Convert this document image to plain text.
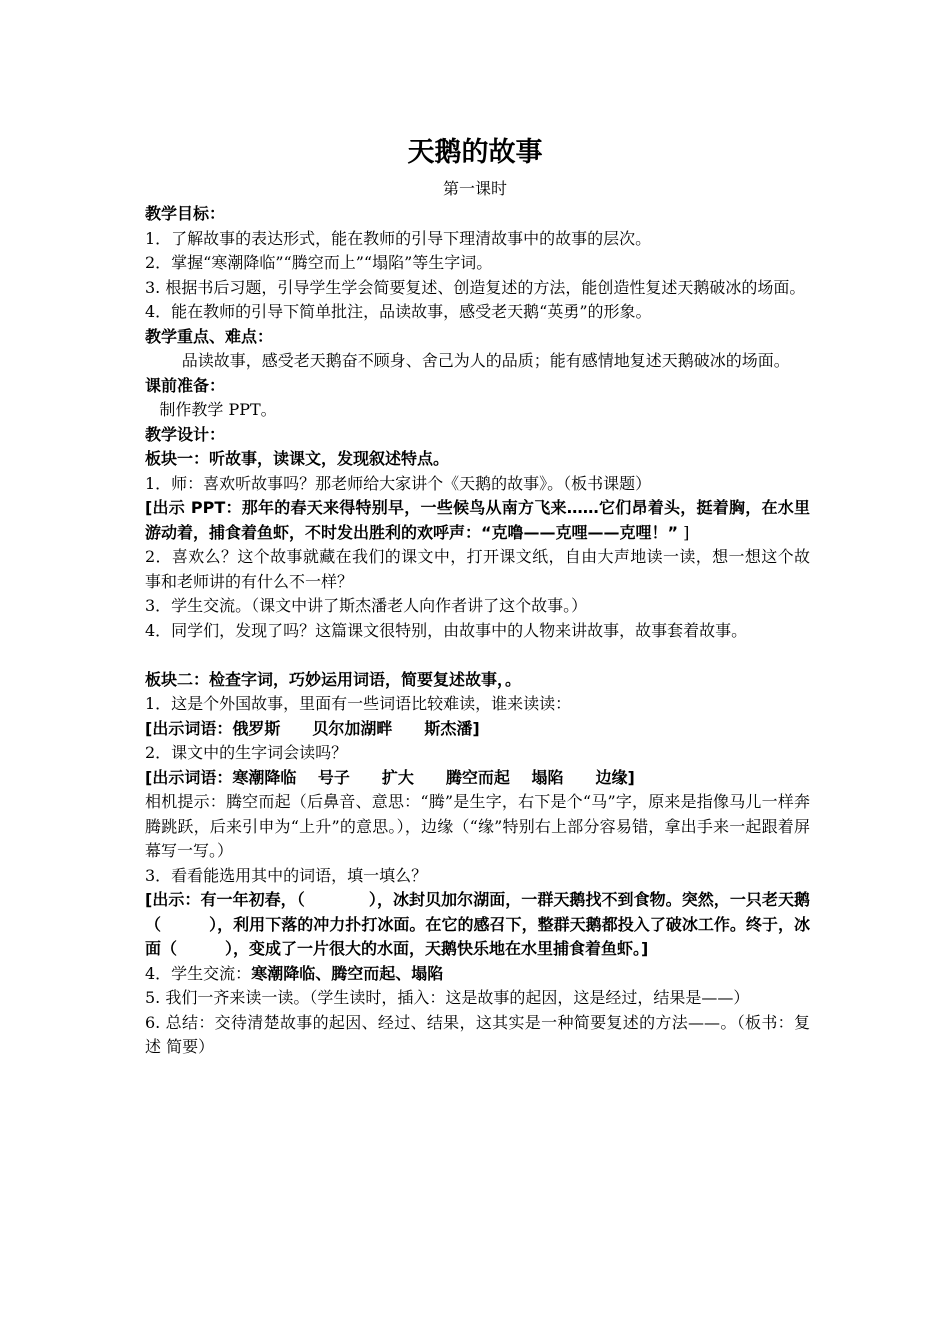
天鹅的故事
第一课时

教学目标：

1．了解故事的表达形式，能在教师的引导下理清故事中的故事的层次。

2．掌握“寒潮降临”“腾空而上”“塌陷”等生字词。

3. 根据书后习题，引导学生学会简要复述、创造复述的方法，能创造性复述天鹅破冰的场面。

4．能在教师的引导下简单批注，品读故事，感受老天鹅“英勇”的形象。

教学重点、难点：

品读故事，感受老天鹅奋不顾身、舍己为人的品质；能有感情地复述天鹅破冰的场面。

课前准备：

制作教学 PPT。

教学设计：

板块一：听故事，读课文，发现叙述特点。

1．师：喜欢听故事吗？那老师给大家讲个《天鹅的故事》。（板书课题）

[出示 PPT：那年的春天来得特别早，一些候鸟从南方飞来……它们昂着头，挺着胸，在水里游动着，捕食着鱼虾，不时发出胜利的欢呼声：“克噜——克哩——克哩！” ]

2．喜欢么？这个故事就藏在我们的课文中，打开课文纸，自由大声地读一读，想一想这个故事和老师讲的有什么不一样？

3．学生交流。（课文中讲了斯杰潘老人向作者讲了这个故事。）

4．同学们，发现了吗？这篇课文很特别，由故事中的人物来讲故事，故事套着故事。

板块二：检查字词，巧妙运用词语，简要复述故事，。

1．这是个外国故事，里面有一些词语比较难读，谁来读读：

[出示词语：俄罗斯　　贝尔加湖畔　　斯杰潘]

2．课文中的生字词会读吗？

[出示词语：寒潮降临　 号子　　扩大　　腾空而起　 塌陷　　边缘]

相机提示：腾空而起（后鼻音、意思：“腾”是生字，右下是个“马”字，原来是指像马儿一样奔腾跳跃，后来引申为“上升”的意思。），边缘（“缘”特别右上部分容易错，拿出手来一起跟着屏幕写一写。）

3．看看能选用其中的词语，填一填么？

[出示：有一年初春，（　　　　），冰封贝加尔湖面，一群天鹅找不到食物。突然，一只老天鹅（　　　），利用下落的冲力扑打冰面。在它的感召下，整群天鹅都投入了破冰工作。终于，冰面（　　　），变成了一片很大的水面，天鹅快乐地在水里捕食着鱼虾。]

4．学生交流：寒潮降临、腾空而起、塌陷

5. 我们一齐来读一读。（学生读时，插入：这是故事的起因，这是经过，结果是——）

6. 总结：交待清楚故事的起因、经过、结果，这其实是一种简要复述的方法——。（板书：复述 简要）
